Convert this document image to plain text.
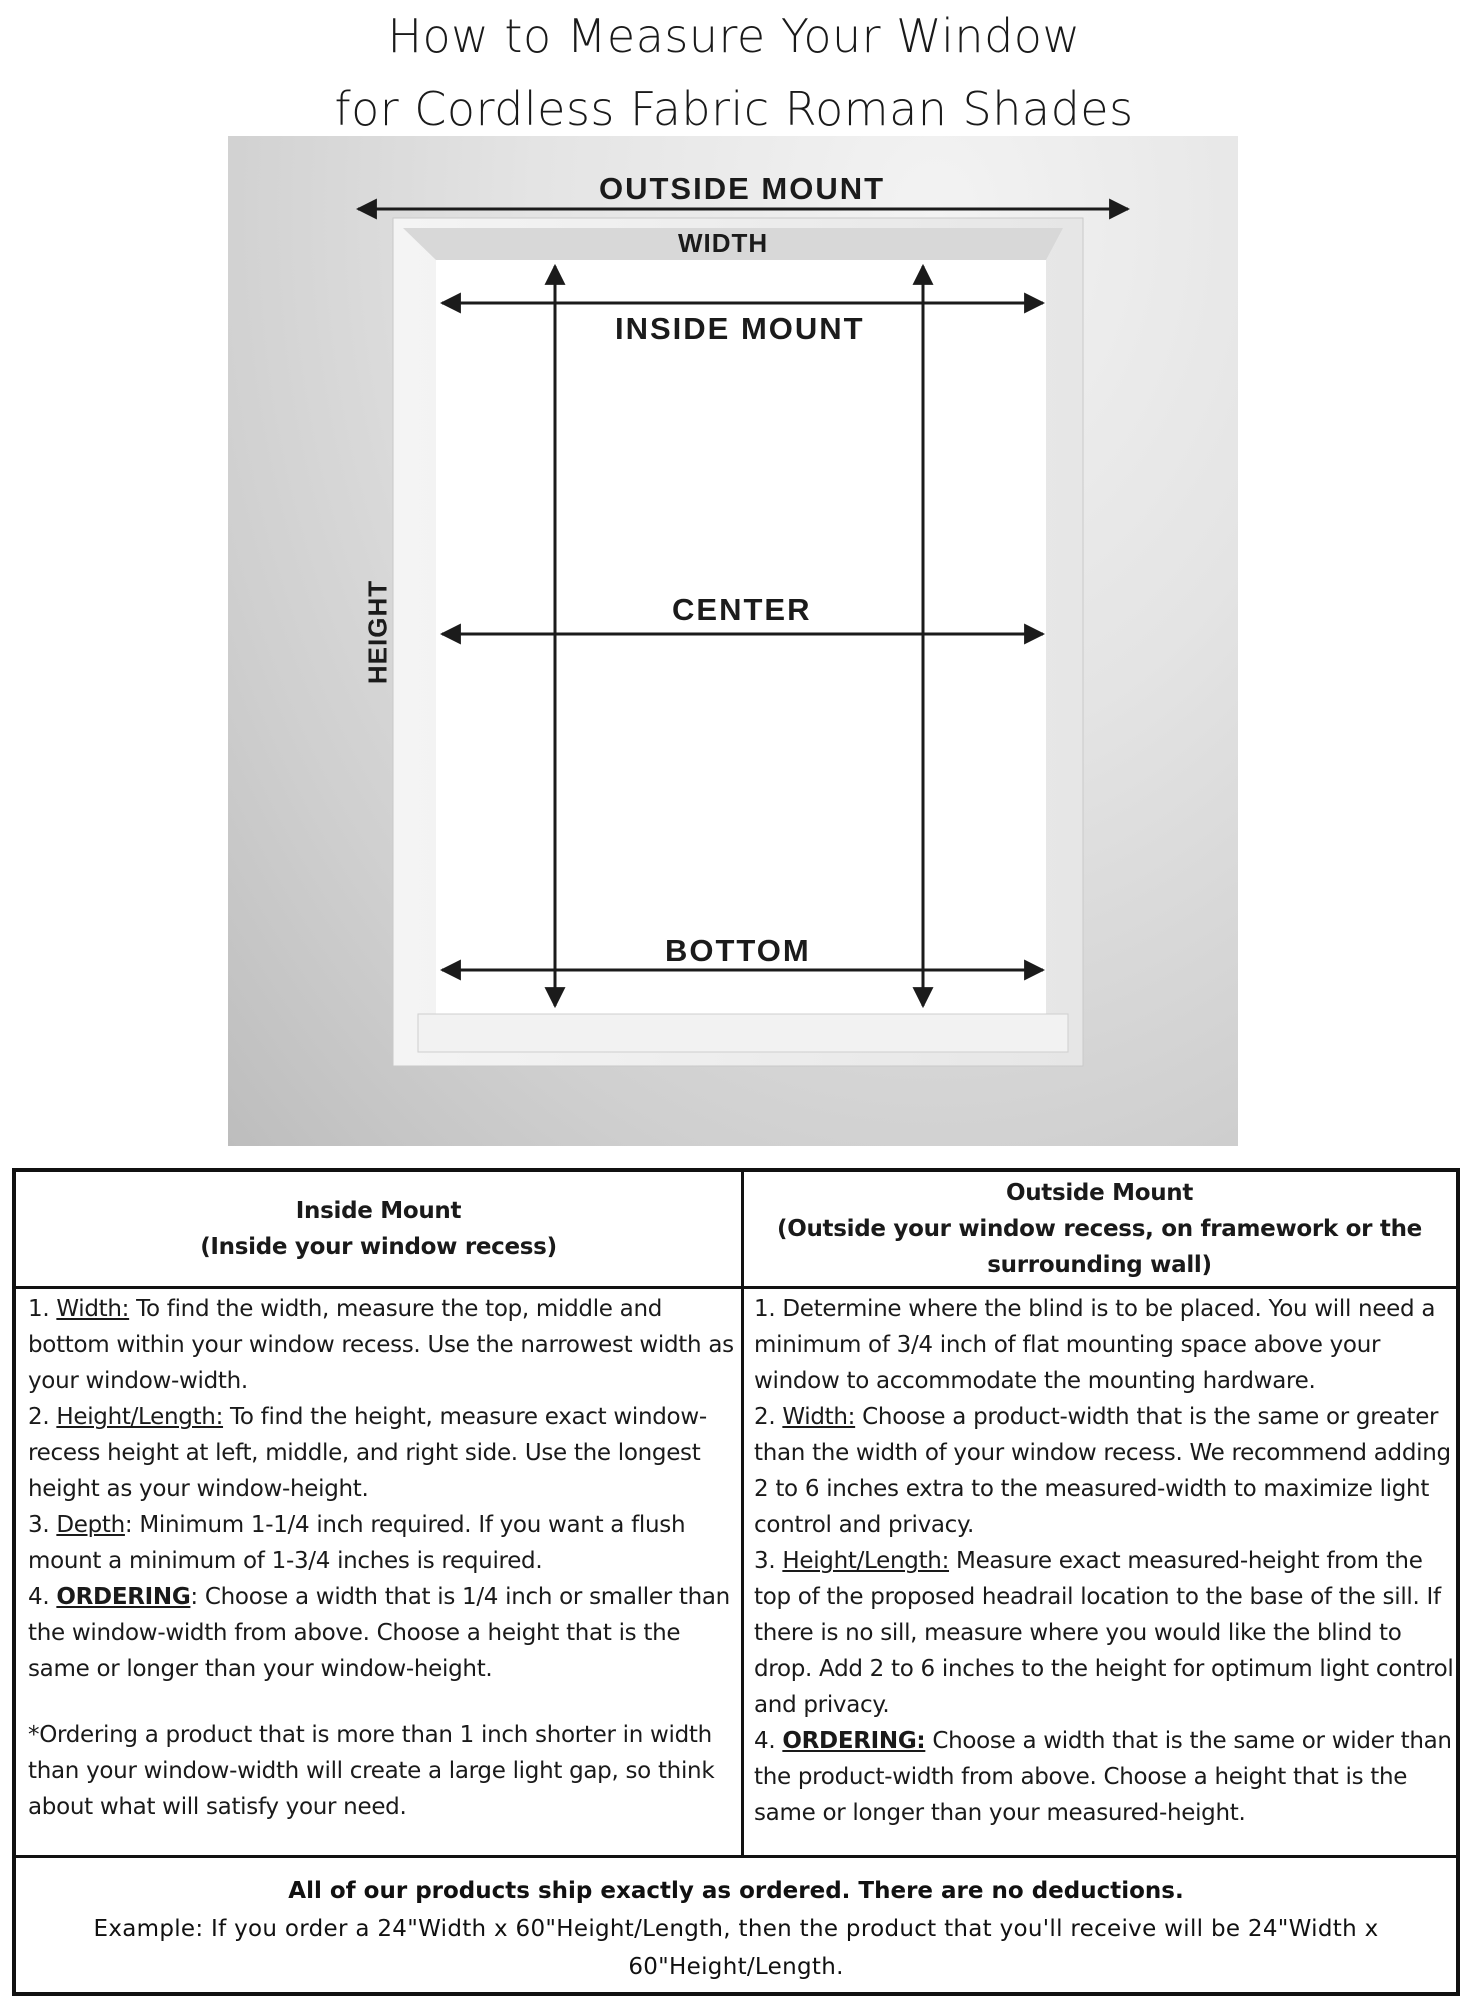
How to Measure Your Window
for Cordless Fabric Roman Shades
OUTSIDE MOUNT
WIDTH
INSIDE MOUNT
CENTER
BOTTOM
HEIGHT
Inside Mount
(Inside your window recess)
Outside Mount
(Outside your window recess, on framework or the surrounding wall)

1. Width: To find the width, measure the top, middle and bottom within your window recess. Use the narrowest width as your window-width.

2. Height/Length: To find the height, measure exact window-recess height at left, middle, and right side. Use the longest height as your window-height.

3. Depth: Minimum 1-1/4 inch required. If you want a flush mount a minimum of 1-3/4 inches is required.

4. ORDERING: Choose a width that is 1/4 inch or smaller than the window-width from above. Choose a height that is the same or longer than your window-height.

*Ordering a product that is more than 1 inch shorter in width than your window-width will create a large light gap, so think about what will satisfy your need.

1. Determine where the blind is to be placed. You will need a minimum of 3/4 inch of flat mounting space above your window to accommodate the mounting hardware.

2. Width: Choose a product-width that is the same or greater than the width of your window recess. We recommend adding 2 to 6 inches extra to the measured-width to maximize light control and privacy.

3. Height/Length: Measure exact measured-height from the top of the proposed headrail location to the base of the sill. If there is no sill, measure where you would like the blind to drop. Add 2 to 6 inches to the height for optimum light control and privacy.

4. ORDERING: Choose a width that is the same or wider than the product-width from above. Choose a height that is the same or longer than your measured-height.

All of our products ship exactly as ordered. There are no deductions.
Example: If you order a 24"Width x 60"Height/Length, then the product that you'll receive will be 24"Width x 60"Height/Length.
